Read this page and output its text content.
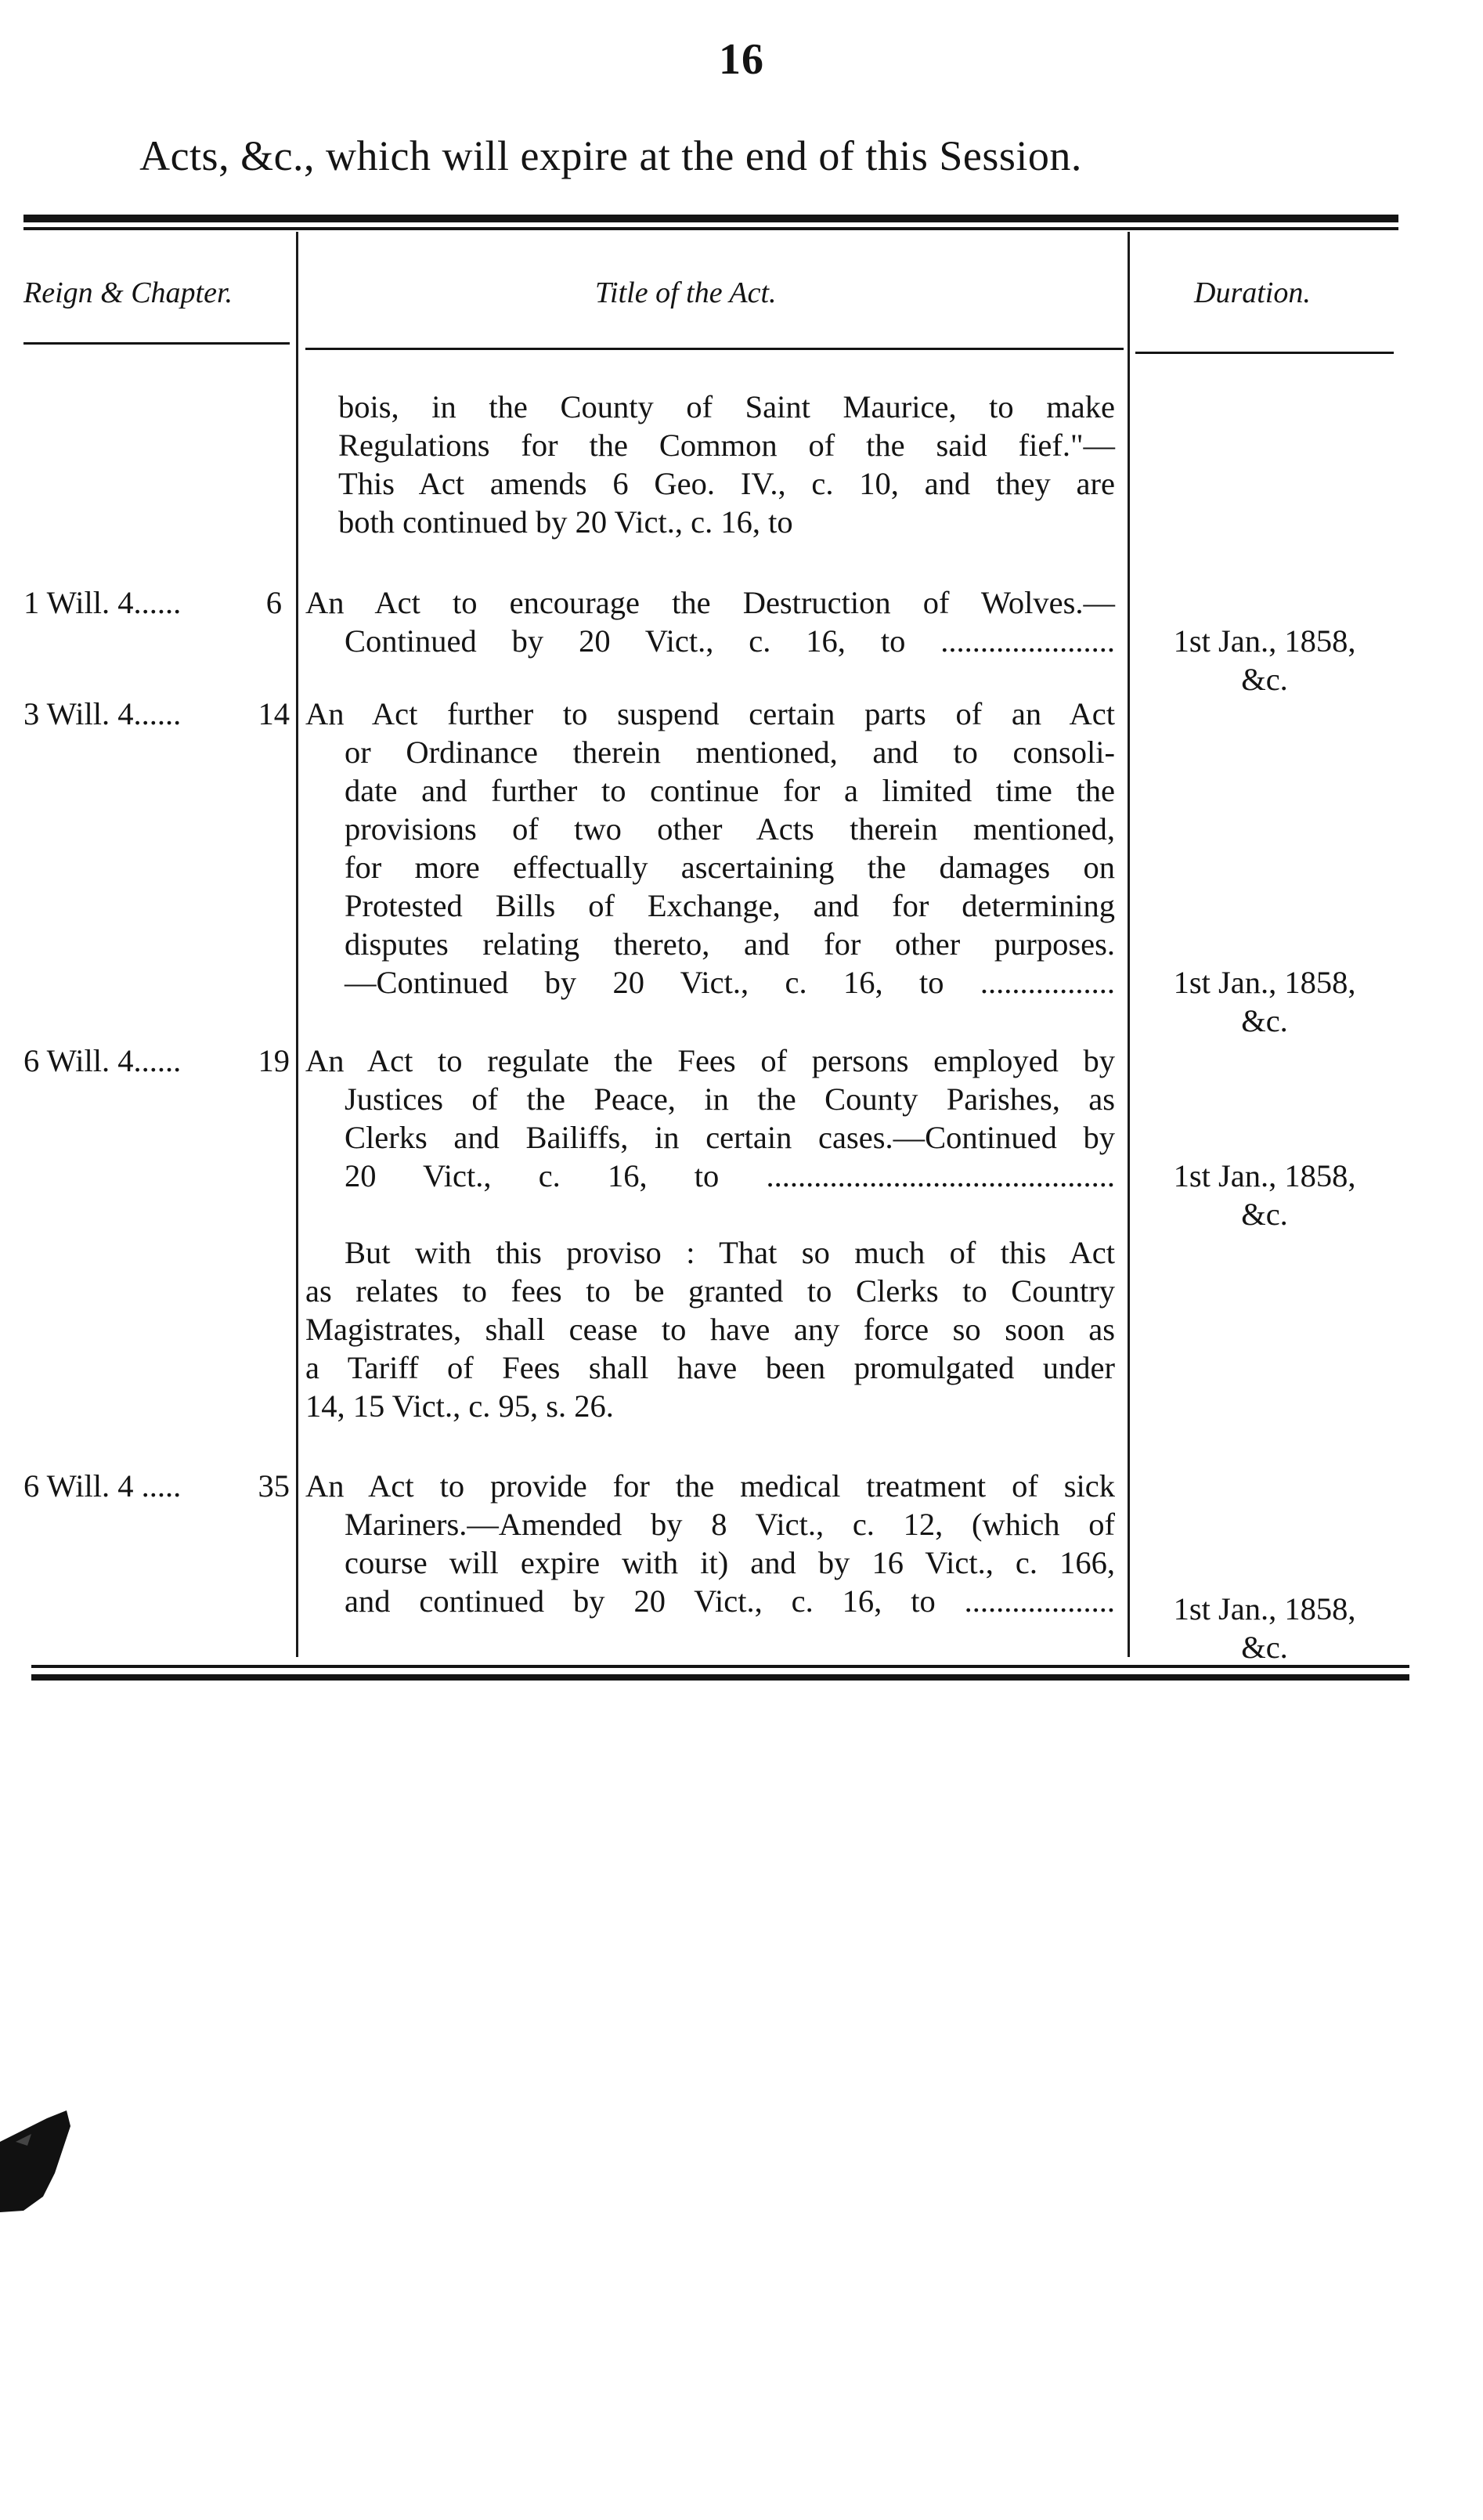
16
Acts, &c., which will expire at the end of this Session.
Reign & Chapter.	Title of the Act.	Duration.
bois, in the County of Saint Maurice, to make
Regulations for the Common of the said fief."—
This Act amends 6 Geo. IV., c. 10, and they are
both continued by 20 Vict., c. 16, to
1 Will. 4......	6 An Act to encourage the Destruction of Wolves.—
Continued by 20 Vict., c. 16, to ......................	1st Jan., 1858,
&c.
3 Will. 4...... 14 An Act further to suspend certain parts of an Act
or Ordinance therein mentioned, and to consoli-
date and further to continue for a limited time the
provisions of two other Acts therein mentioned,
for more effectually ascertaining the damages on
Protested Bills of Exchange, and for determining
disputes relating thereto, and for other purposes.
—Continued by 20 Vict., c. 16, to .................	1st Jan., 1858,
&c.
6 Will. 4...... 19 An Act to regulate the Fees of persons employed by
Justices of the Peace, in the County Parishes, as
Clerks and Bailiffs, in certain cases.—Continued by
20 Vict., c. 16, to ............................................	1st Jan., 1858,
&c.
But with this proviso : That so much of this Act
as relates to fees to be granted to Clerks to Country
Magistrates, shall cease to have any force so soon as
a Tariff of Fees shall have been promulgated under
14, 15 Vict., c. 95, s. 26.
6 Will. 4 ..... 35 An Act to provide for the medical treatment of sick
Mariners.—Amended by 8 Vict., c. 12, (which of
course will expire with it) and by 16 Vict., c. 166,
and continued by 20 Vict., c. 16, to ...................	1st Jan., 1858,
&c.
